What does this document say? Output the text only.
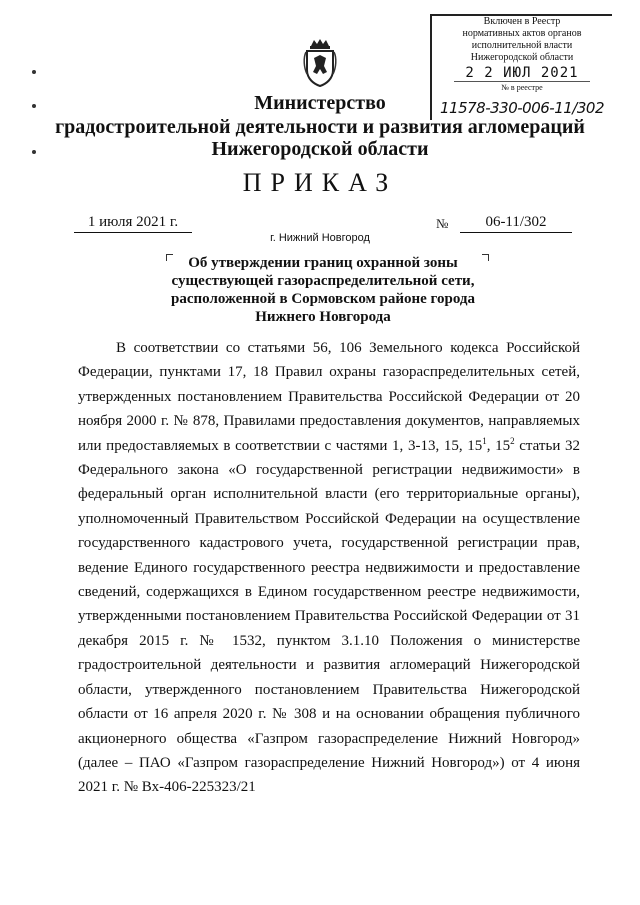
Включен в Реестр
нормативных актов органов
исполнительной власти
Нижегородской области
2 2 ИЮЛ 2021
№ в реестре
11578-330-006-11/302
Министерство
градостроительной деятельности и развития агломераций
Нижегородской области
ПРИКАЗ
1 июля 2021 г.	№	06-11/302
г. Нижний Новгород
Об утверждении границ охранной зоны
существующей газораспределительной сети,
расположенной в Сормовском районе города
Нижнего Новгорода

В соответствии со статьями 56, 106 Земельного кодекса Российской Федерации, пунктами 17, 18 Правил охраны газораспределительных сетей, утвержденных постановлением Правительства Российской Федерации от 20 ноября 2000 г. № 878, Правилами предоставления документов, направляемых или предоставляемых в соответствии с частями 1, 3-13, 15, $15^1$, $15^2$ статьи 32 Федерального закона «О государственной регистрации недвижимости» в федеральный орган исполнительной власти (его территориальные органы), уполномоченный Правительством Российской Федерации на осуществление государственного кадастрового учета, государственной регистрации прав, ведение Единого государственного реестра недвижимости и предоставление сведений, содержащихся в Едином государственном реестре недвижимости, утвержденными постановлением Правительства Российской Федерации от 31 декабря 2015 г. № 1532, пунктом 3.1.10 Положения о министерстве градостроительной деятельности и развития агломераций Нижегородской области, утвержденного постановлением Правительства Нижегородской области от 16 апреля 2020 г. № 308 и на основании обращения публичного акционерного общества «Газпром газораспределение Нижний Новгород» (далее – ПАО «Газпром газораспределение Нижний Новгород») от 4 июня 2021 г. № Вх-406-225323/21
